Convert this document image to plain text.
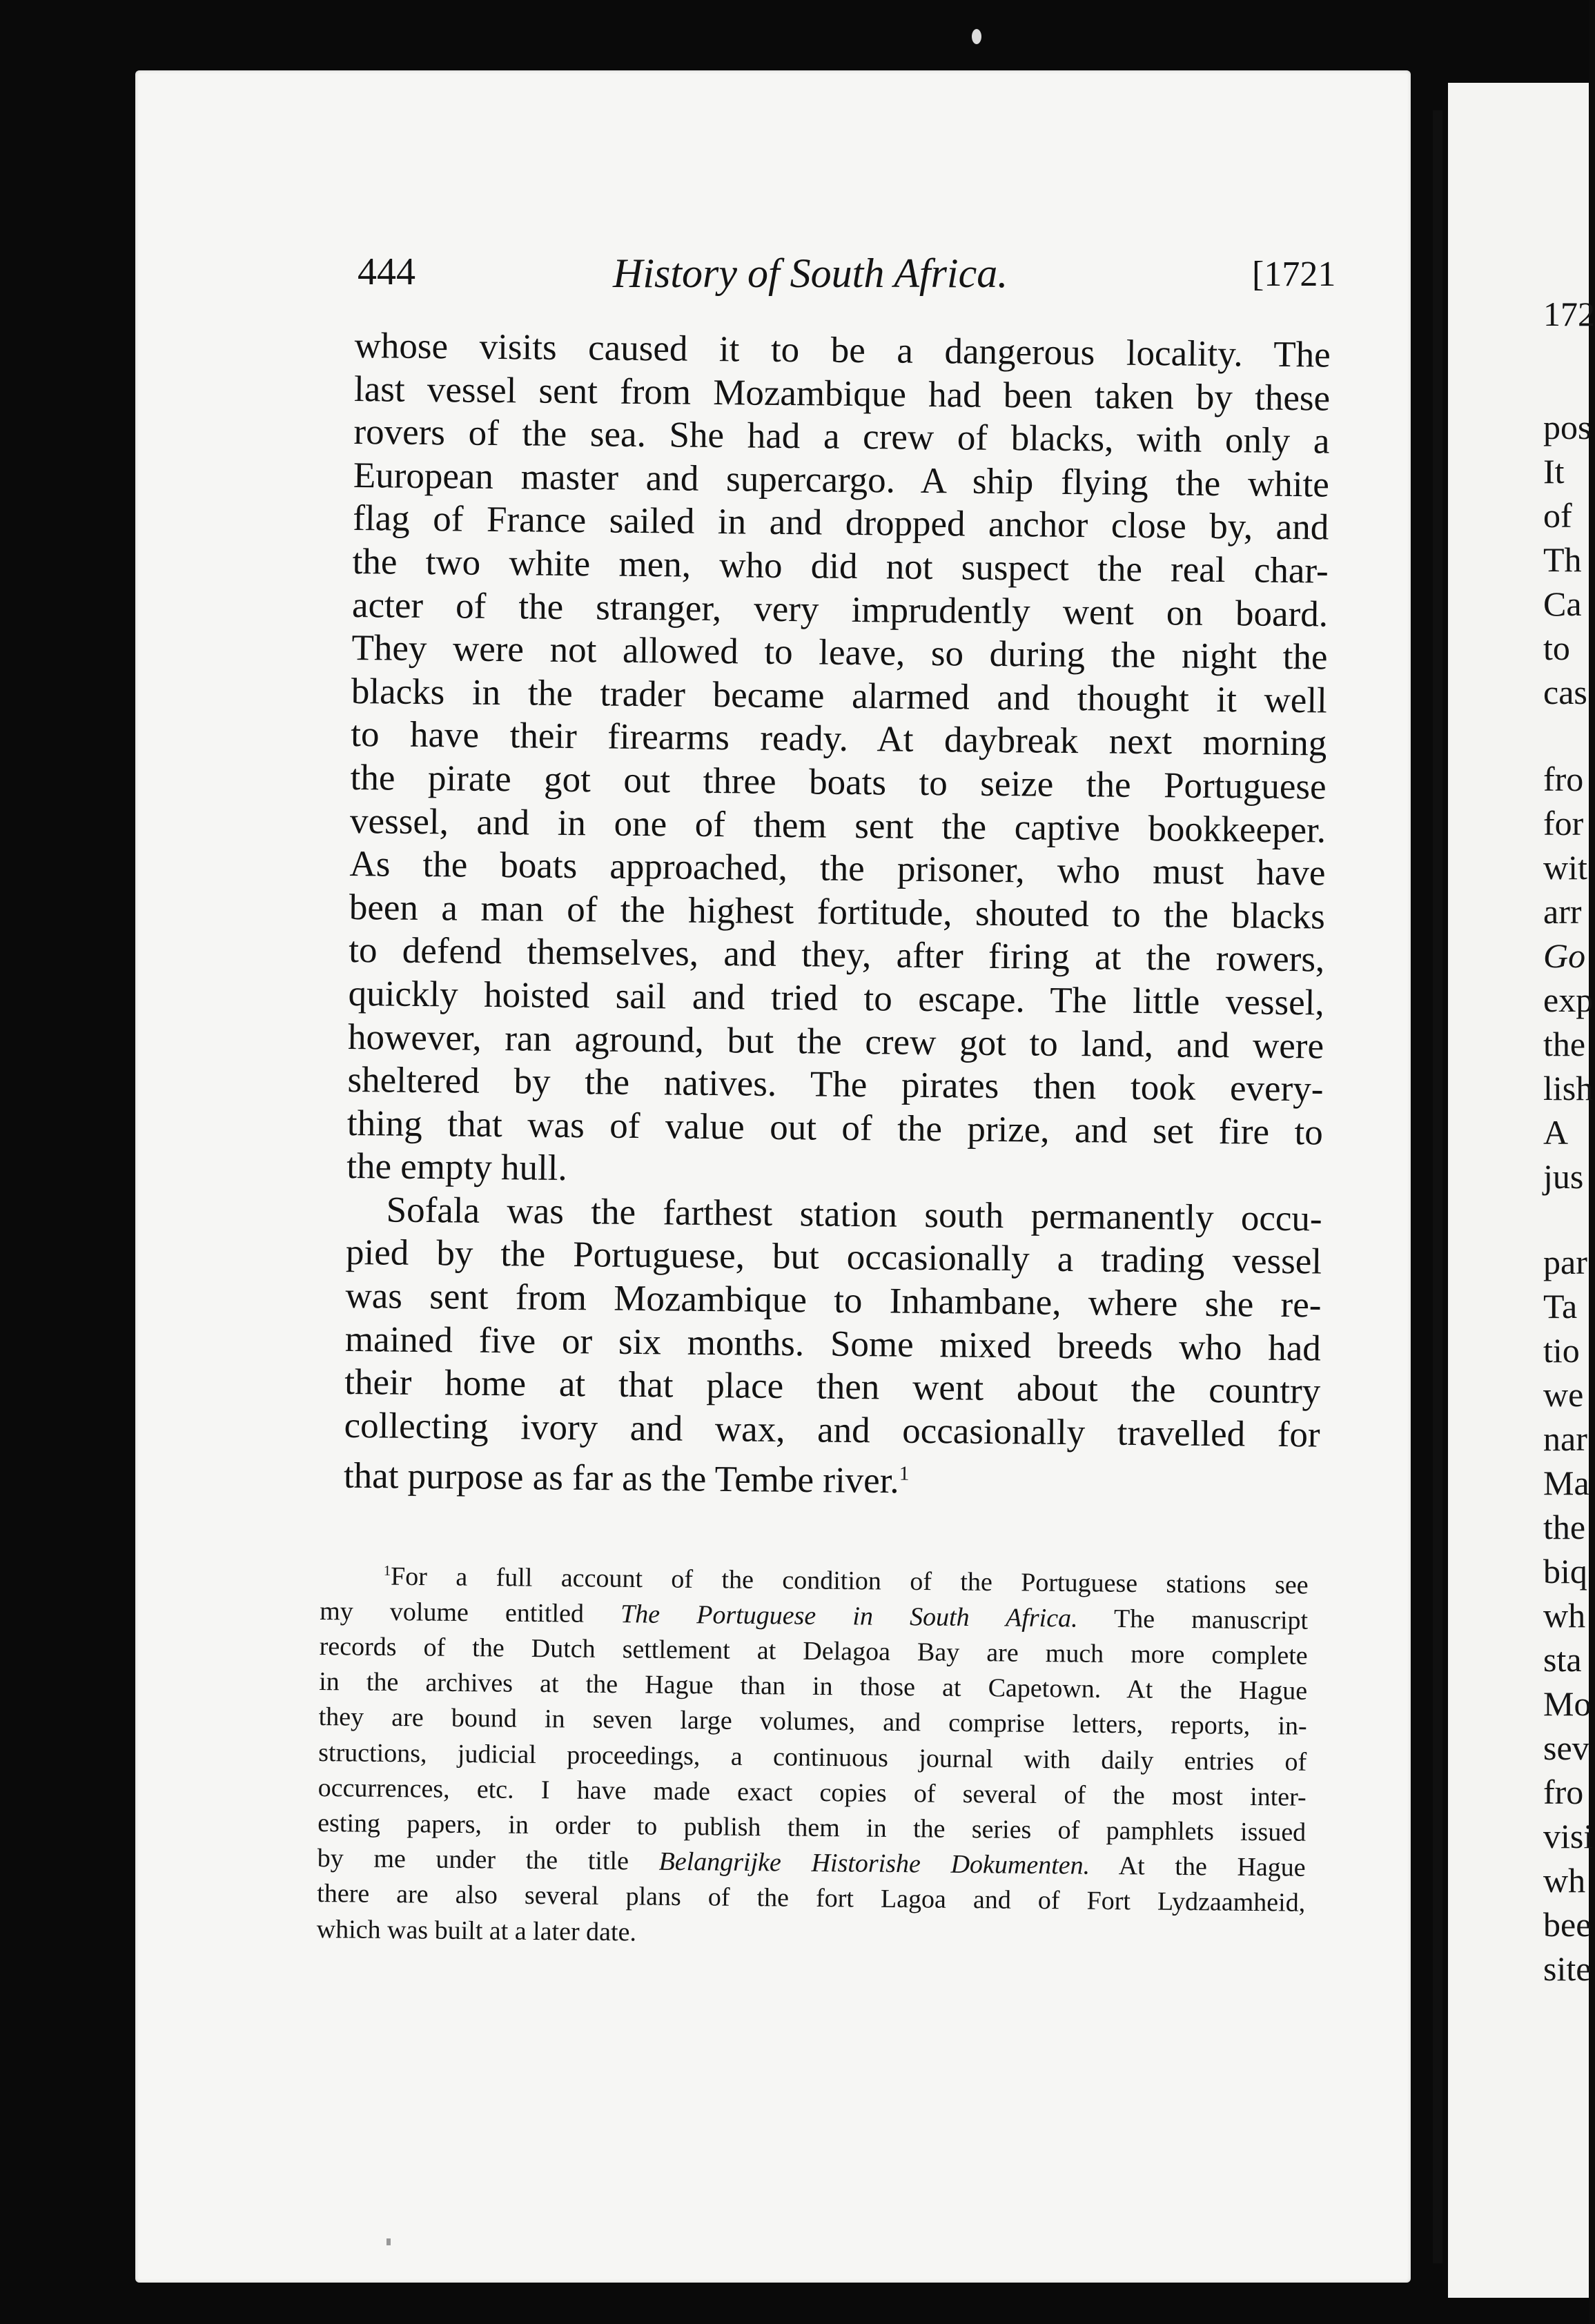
172
pos
It
of
Th
Ca
to
cas
fro
for
wit
arr
Go
exp
the
lish
A
jus
par
Ta
tio
we
nar
Ma
the
biq
wh
sta
Mo
sev
fro
visi
wh
bee
site
444	History of South Africa.	[1721
whose visits caused it to be a dangerous locality. The
last vessel sent from Mozambique had been taken by these
rovers of the sea. She had a crew of blacks, with only a
European master and supercargo. A ship flying the white
flag of France sailed in and dropped anchor close by, and
the two white men, who did not suspect the real char-
acter of the stranger, very imprudently went on board.
They were not allowed to leave, so during the night the
blacks in the trader became alarmed and thought it well
to have their firearms ready. At daybreak next morning
the pirate got out three boats to seize the Portuguese
vessel, and in one of them sent the captive bookkeeper.
As the boats approached, the prisoner, who must have
been a man of the highest fortitude, shouted to the blacks
to defend themselves, and they, after firing at the rowers,
quickly hoisted sail and tried to escape. The little vessel,
however, ran aground, but the crew got to land, and were
sheltered by the natives. The pirates then took every-
thing that was of value out of the prize, and set fire to
the empty hull.
Sofala was the farthest station south permanently occu-
pied by the Portuguese, but occasionally a trading vessel
was sent from Mozambique to Inhambane, where she re-
mained five or six months. Some mixed breeds who had
their home at that place then went about the country
collecting ivory and wax, and occasionally travelled for
that purpose as far as the Tembe river.$^1$
$^1$For a full account of the condition of the Portuguese stations see
my volume entitled The Portuguese in South Africa. The manuscript
records of the Dutch settlement at Delagoa Bay are much more complete
in the archives at the Hague than in those at Capetown. At the Hague
they are bound in seven large volumes, and comprise letters, reports, in-
structions, judicial proceedings, a continuous journal with daily entries of
occurrences, etc. I have made exact copies of several of the most inter-
esting papers, in order to publish them in the series of pamphlets issued
by me under the title Belangrijke Historishe Dokumenten. At the Hague
there are also several plans of the fort Lagoa and of Fort Lydzaamheid,
which was built at a later date.
